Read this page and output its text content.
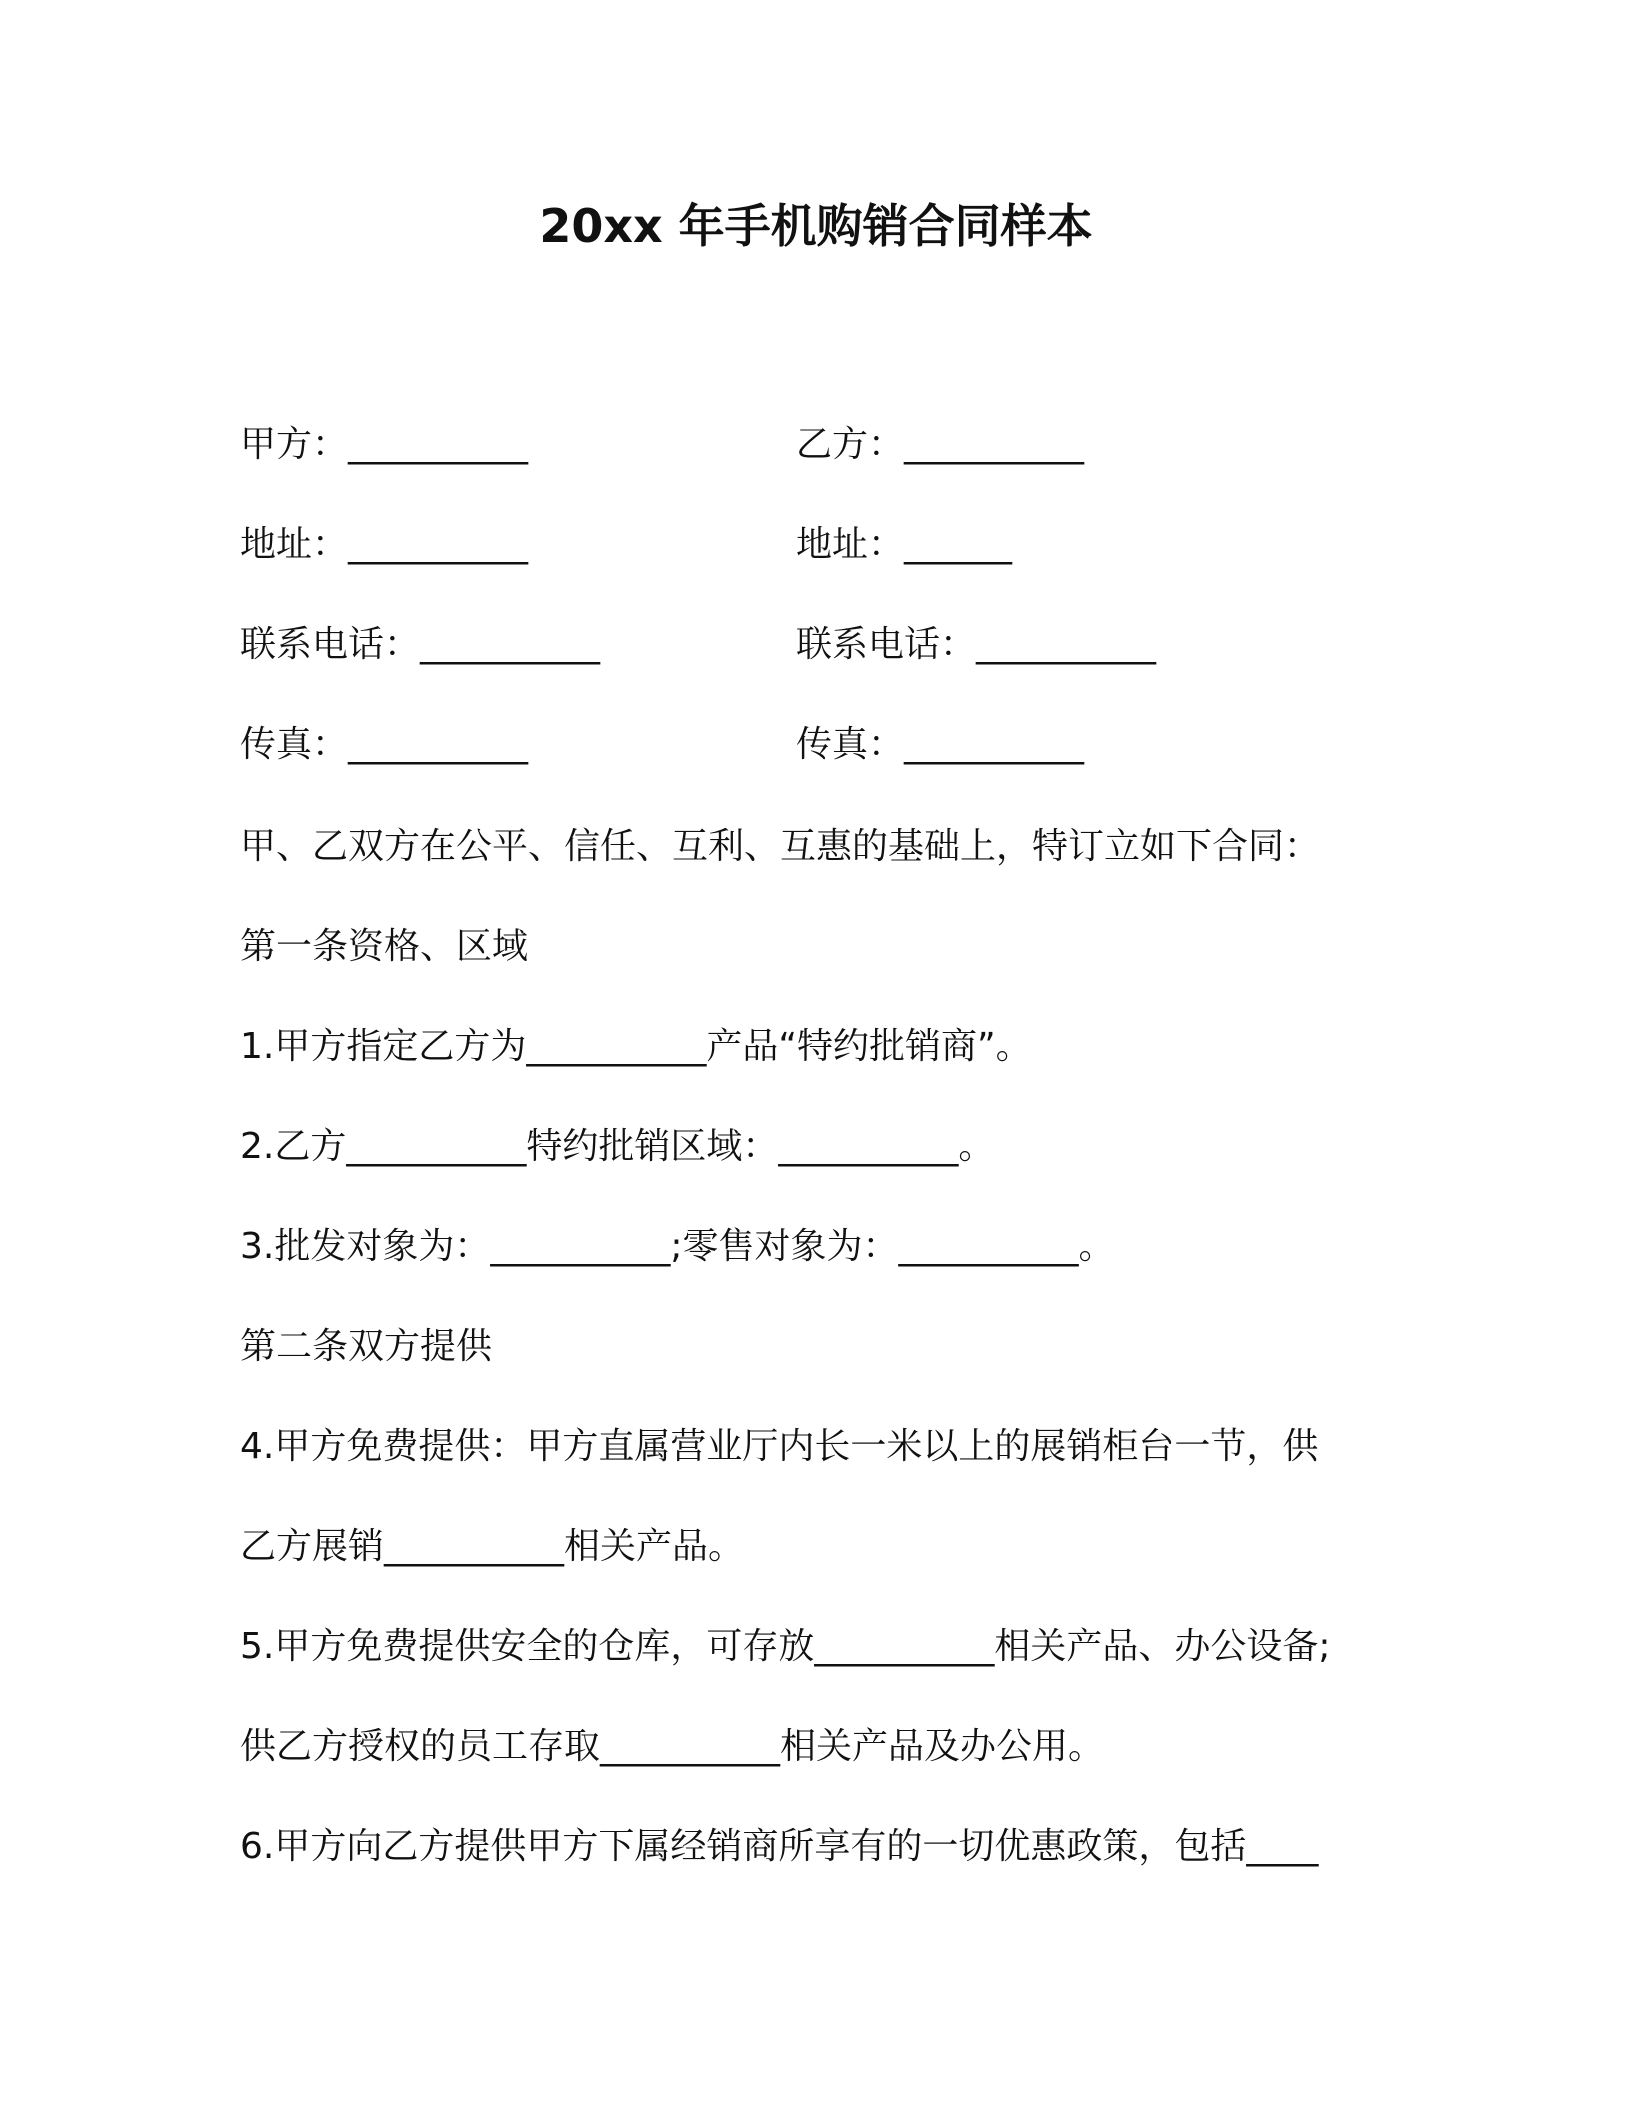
20xx 年手机购销合同样本
甲方：__________	乙方：__________
地址：__________	地址：______
联系电话：__________	联系电话：__________
传真：__________	传真：__________
甲、乙双方在公平、信任、互利、互惠的基础上，特订立如下合同：
第一条资格、区域
1.甲方指定乙方为__________产品“特约批销商”。
2.乙方__________特约批销区域：__________。
3.批发对象为：__________;零售对象为：__________。
第二条双方提供
4.甲方免费提供：甲方直属营业厅内长一米以上的展销柜台一节，供
乙方展销__________相关产品。
5.甲方免费提供安全的仓库，可存放__________相关产品、办公设备;
供乙方授权的员工存取__________相关产品及办公用。
6.甲方向乙方提供甲方下属经销商所享有的一切优惠政策，包括____
